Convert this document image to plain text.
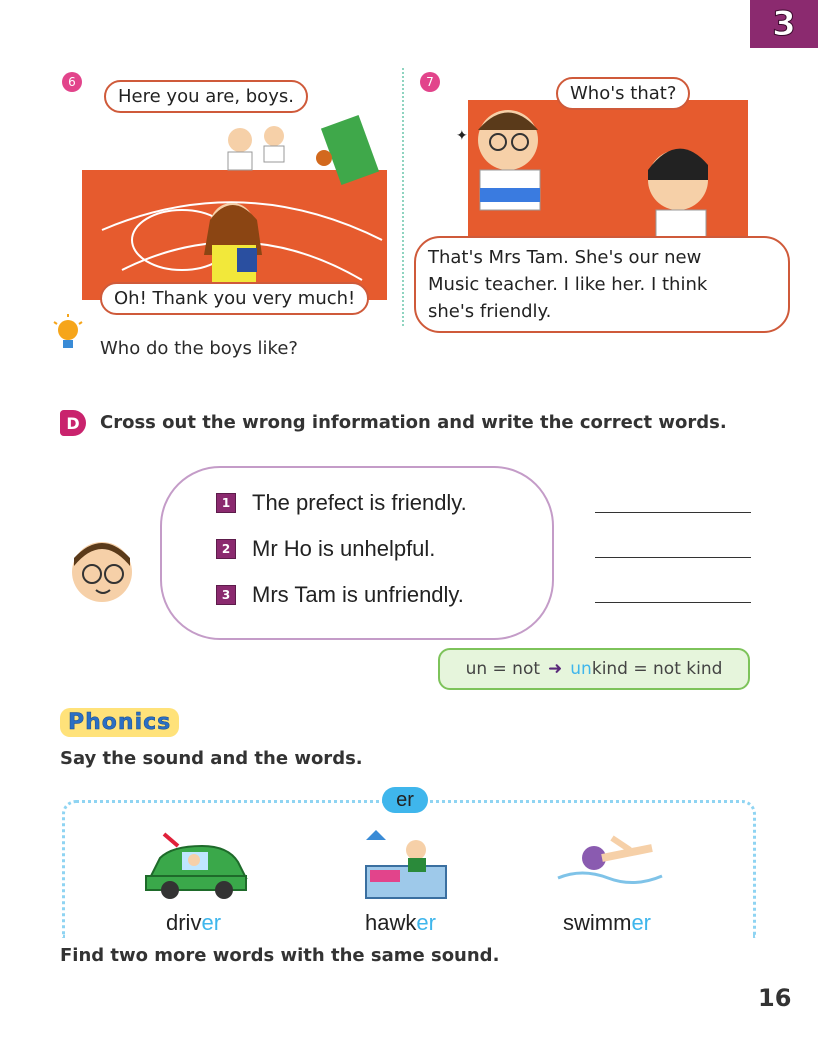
3
6
Here you are, boys.
Oh! Thank you very much!
✦
7
Who's that?
That's Mrs Tam. She's our new
Music teacher. I like her. I think
she's friendly.
Who do the boys like?
D Cross out the wrong information and write the correct words.
1 The prefect is friendly.
2 Mr Ho is unhelpful.
3 Mrs Tam is unfriendly.
un = not ➜ unkind = not kind
Phonics
Say the sound and the words.
er
driver	hawker	swimmer
Find two more words with the same sound.
16
